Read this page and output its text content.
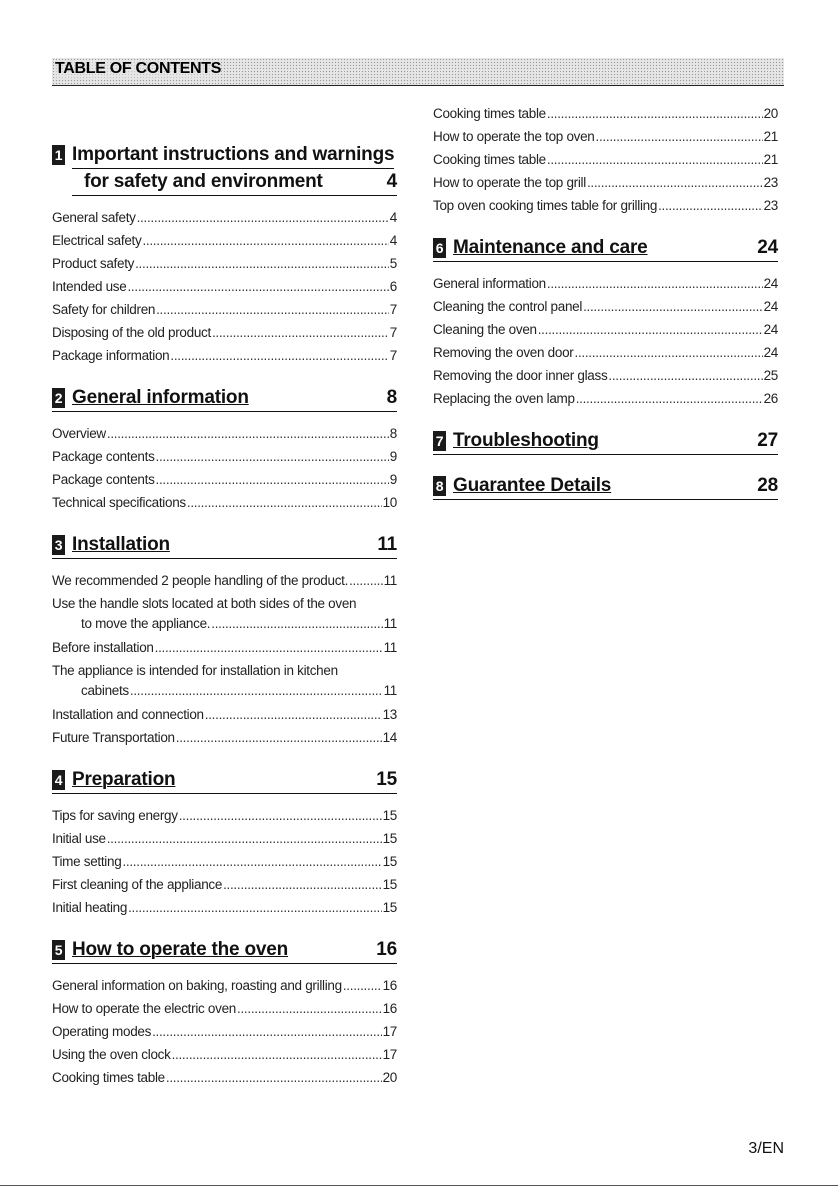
TABLE OF CONTENTS
1 Important instructions and warnings
for safety and environment	4
General safety .....	4
Electrical safety .....	4
Product safety .....	5
Intended use .....	6
Safety for children .....	7
Disposing of the old product .....	7
Package information .....	7
2 General information	8
Overview .....	8
Package contents .....	9
Package contents .....	9
Technical specifications .....	10
3 Installation	11
We recommended 2 people handling of the product. .....	11
Use the handle slots located at both sides of the oven
to move the appliance. .....	11
Before installation .....	11
The appliance is intended for installation in kitchen
cabinets .....	11
Installation and connection .....	13
Future Transportation .....	14
4 Preparation	15
Tips for saving energy .....	15
Initial use .....	15
Time setting .....	15
First cleaning of the appliance .....	15
Initial heating .....	15
5 How to operate the oven	16
General information on baking, roasting and grilling .....	16
How to operate the electric oven .....	16
Operating modes .....	17
Using the oven clock .....	17
Cooking times table .....	20
Cooking times table .....	20
How to operate the top oven .....	21
Cooking times table .....	21
How to operate the top grill .....	23
Top oven cooking times table for grilling .....	23
6 Maintenance and care	24
General information .....	24
Cleaning the control panel .....	24
Cleaning the oven .....	24
Removing the oven door .....	24
Removing the door inner glass .....	25
Replacing the oven lamp .....	26
7 Troubleshooting	27
8 Guarantee Details	28
3/EN
